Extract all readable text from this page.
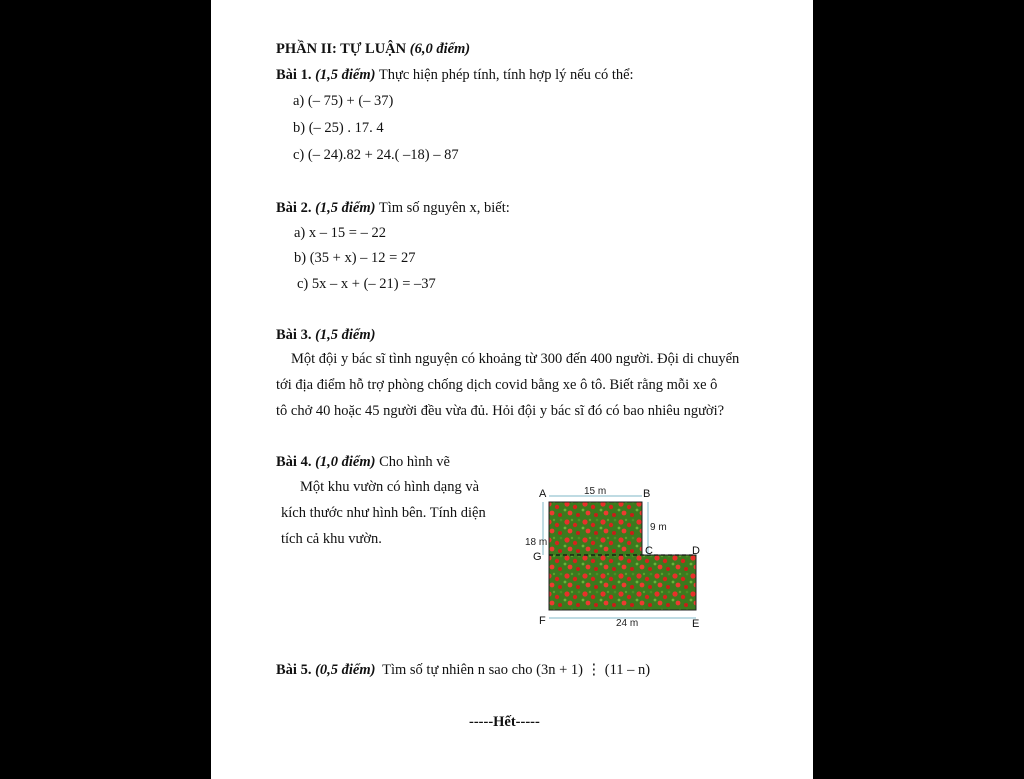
PHẦN II: TỰ LUẬN (6,0 điểm)
Bài 1. (1,5 điểm) Thực hiện phép tính, tính hợp lý nếu có thể:
a) (– 75) + (– 37)
b) (– 25) . 17. 4
c) (– 24).82 + 24.( –18) – 87
Bài 2. (1,5 điểm) Tìm số nguyên x, biết:
a) x – 15 = – 22
b) (35 + x) – 12 = 27
c) 5x – x + (– 21) = –37
Bài 3. (1,5 điểm)
Một đội y bác sĩ tình nguyện có khoảng từ 300 đến 400 người. Đội di chuyển
tới địa điểm hỗ trợ phòng chống dịch covid bằng xe ô tô. Biết rằng mỗi xe ô
tô chở 40 hoặc 45 người đều vừa đủ. Hỏi đội y bác sĩ đó có bao nhiêu người?
Bài 4. (1,0 điểm) Cho hình vẽ
Một khu vườn có hình dạng và
kích thước như hình bên. Tính diện
tích cả khu vườn.
A	B
C	D
E
F
G
15 m
9 m
18 m
24 m
Bài 5. (0,5 điểm) Tìm số tự nhiên n sao cho (3n + 1) ⋮ (11 – n)
-----Hết-----
